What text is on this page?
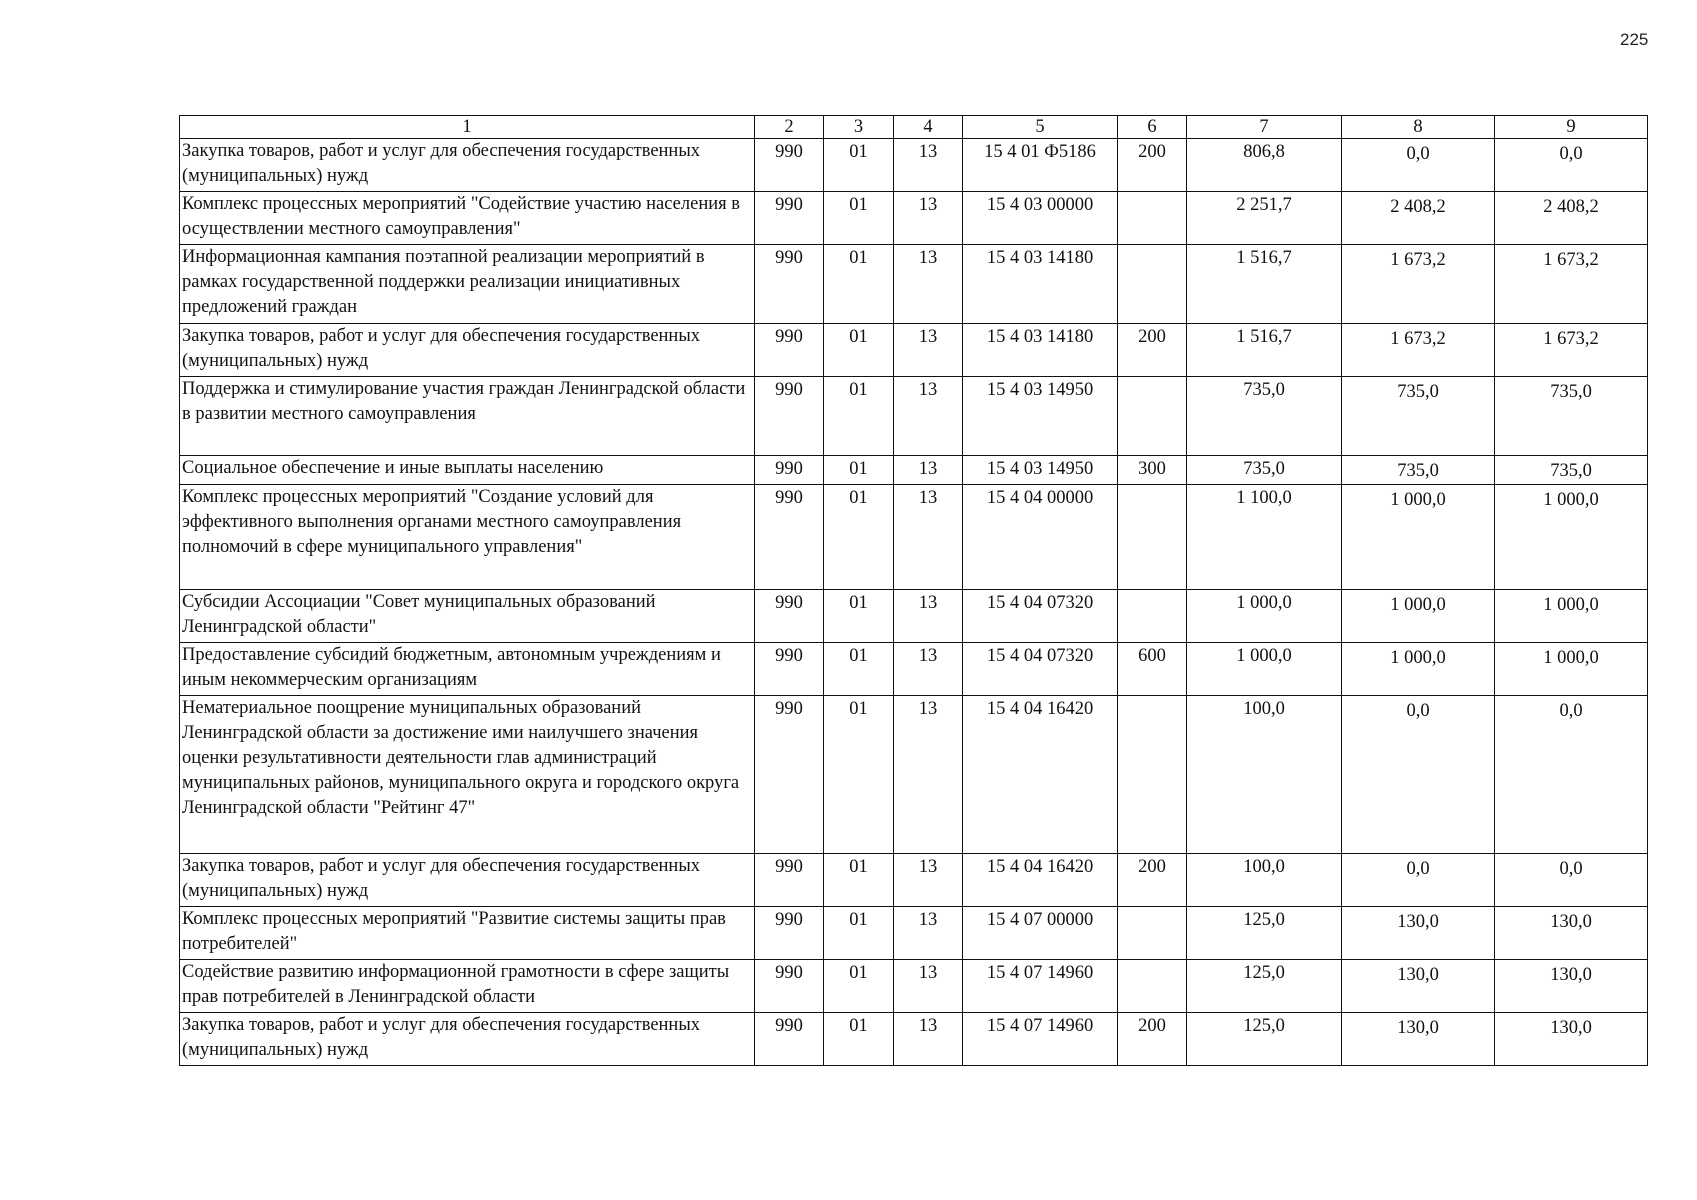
225
1	2	3	4	5	6	7	8	9
Закупка товаров, работ и услуг для обеспечения государственных (муниципальных) нужд	990	01	13	15 4 01 Ф5186	200	806,8	0,0	0,0
Комплекс процессных мероприятий "Содействие участию населения в осуществлении местного самоуправления"	990	01	13	15 4 03 00000		2 251,7	2 408,2	2 408,2
Информационная кампания поэтапной реализации мероприятий в рамках государственной поддержки реализации инициативных предложений граждан	990	01	13	15 4 03 14180		1 516,7	1 673,2	1 673,2
Закупка товаров, работ и услуг для обеспечения государственных (муниципальных) нужд	990	01	13	15 4 03 14180	200	1 516,7	1 673,2	1 673,2
Поддержка и стимулирование участия граждан Ленинградской области в развитии местного самоуправления	990	01	13	15 4 03 14950		735,0	735,0	735,0
Социальное обеспечение и иные выплаты населению	990	01	13	15 4 03 14950	300	735,0	735,0	735,0
Комплекс процессных мероприятий "Создание условий для эффективного выполнения органами местного самоуправления полномочий в сфере муниципального управления"	990	01	13	15 4 04 00000		1 100,0	1 000,0	1 000,0
Субсидии Ассоциации "Совет муниципальных образований Ленинградской области"	990	01	13	15 4 04 07320		1 000,0	1 000,0	1 000,0
Предоставление субсидий бюджетным, автономным учреждениям и иным некоммерческим организациям	990	01	13	15 4 04 07320	600	1 000,0	1 000,0	1 000,0
Нематериальное поощрение муниципальных образований Ленинградской области за достижение ими наилучшего значения оценки результативности деятельности глав администраций муниципальных районов, муниципального округа и городского округа Ленинградской области "Рейтинг 47"	990	01	13	15 4 04 16420		100,0	0,0	0,0
Закупка товаров, работ и услуг для обеспечения государственных (муниципальных) нужд	990	01	13	15 4 04 16420	200	100,0	0,0	0,0
Комплекс процессных мероприятий "Развитие системы защиты прав потребителей"	990	01	13	15 4 07 00000		125,0	130,0	130,0
Содействие развитию информационной грамотности в сфере защиты прав потребителей в Ленинградской области	990	01	13	15 4 07 14960		125,0	130,0	130,0
Закупка товаров, работ и услуг для обеспечения государственных (муниципальных) нужд	990	01	13	15 4 07 14960	200	125,0	130,0	130,0
